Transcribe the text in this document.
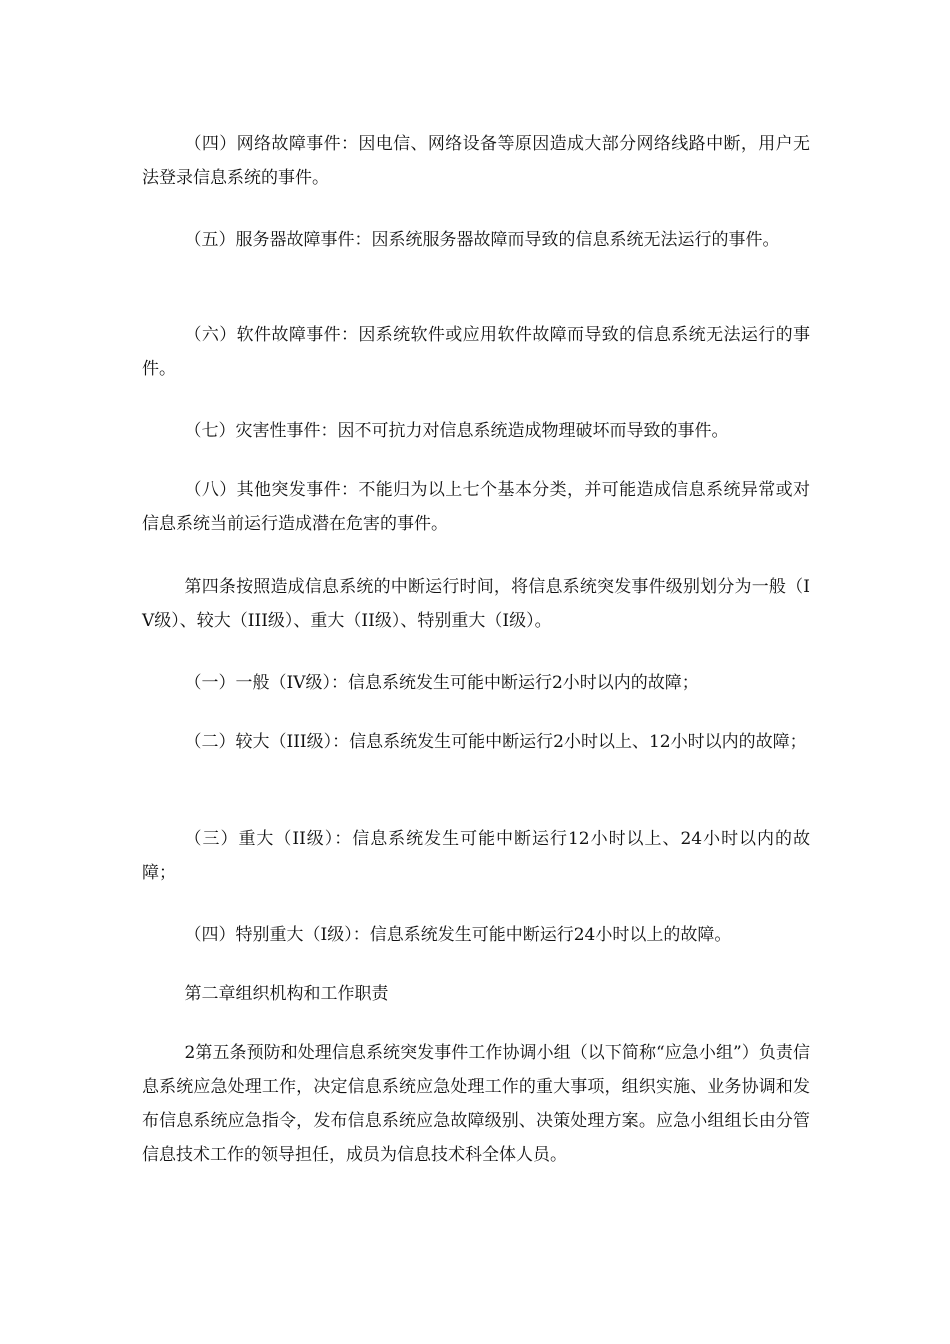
（四）网络故障事件：因电信、网络设备等原因造成大部分网络线路中断，用户无法登录信息系统的事件。

（五）服务器故障事件：因系统服务器故障而导致的信息系统无法运行的事件。

（六）软件故障事件：因系统软件或应用软件故障而导致的信息系统无法运行的事件。

（七）灾害性事件：因不可抗力对信息系统造成物理破坏而导致的事件。

（八）其他突发事件：不能归为以上七个基本分类，并可能造成信息系统异常或对信息系统当前运行造成潜在危害的事件。

第四条按照造成信息系统的中断运行时间，将信息系统突发事件级别划分为一般（IV级）、较大（III级）、重大（II级）、特别重大（I级）。

（一）一般（IV级）：信息系统发生可能中断运行2小时以内的故障；

（二）较大（III级）：信息系统发生可能中断运行2小时以上、12小时以内的故障；

（三）重大（II级）：信息系统发生可能中断运行12小时以上、24小时以内的故障；

（四）特别重大（I级）：信息系统发生可能中断运行24小时以上的故障。

第二章组织机构和工作职责

2第五条预防和处理信息系统突发事件工作协调小组（以下简称“应急小组”）负责信息系统应急处理工作，决定信息系统应急处理工作的重大事项，组织实施、业务协调和发布信息系统应急指令，发布信息系统应急故障级别、决策处理方案。应急小组组长由分管信息技术工作的领导担任，成员为信息技术科全体人员。
